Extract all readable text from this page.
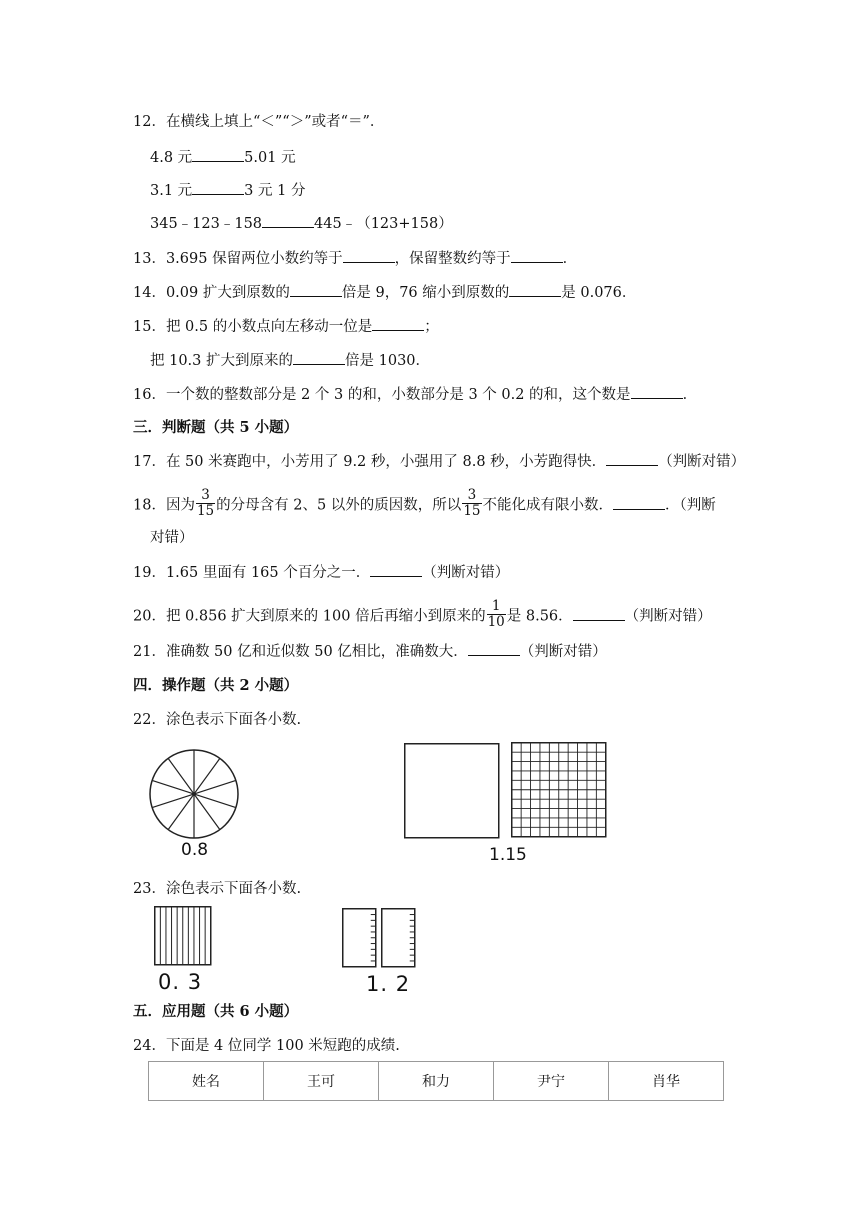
12．在横线上填上“＜”“＞”或者“＝”．
4.8 元	5.01 元
3.1 元	3 元 1 分
345﹣123﹣158	445﹣（123+158）
13．3.695 保留两位小数约等于	，保留整数约等于	．
14．0.09 扩大到原数的	倍是 9，76 缩小到原数的	是 0.076．
15．把 0.5 的小数点向左移动一位是	；
把 10.3 扩大到原来的	倍是 1030．
16．一个数的整数部分是 2 个 3 的和，小数部分是 3 个 0.2 的和，这个数是	．
三．判断题（共 5 小题）
17．在 50 米赛跑中，小芳用了 9.2 秒，小强用了 8.8 秒，小芳跑得快．	（判断对错）
18．因为 $\frac{3}{15}$ 的分母含有 2、5 以外的质因数，所以 $\frac{3}{15}$ 不能化成有限小数．	．（判断
对错）
19．1.65 里面有 165 个百分之一．	（判断对错）
20．把 0.856 扩大到原来的 100 倍后再缩小到原来的 $\frac{1}{10}$ 是 8.56．	（判断对错）
21．准确数 50 亿和近似数 50 亿相比，准确数大．	（判断对错）
四．操作题（共 2 小题）
22．涂色表示下面各小数.
0.8	1.15
23．涂色表示下面各小数.
0. 3	1. 2
五．应用题（共 6 小题）
24．下面是 4 位同学 100 米短跑的成绩.
姓名	王可	和力	尹宁	肖华
